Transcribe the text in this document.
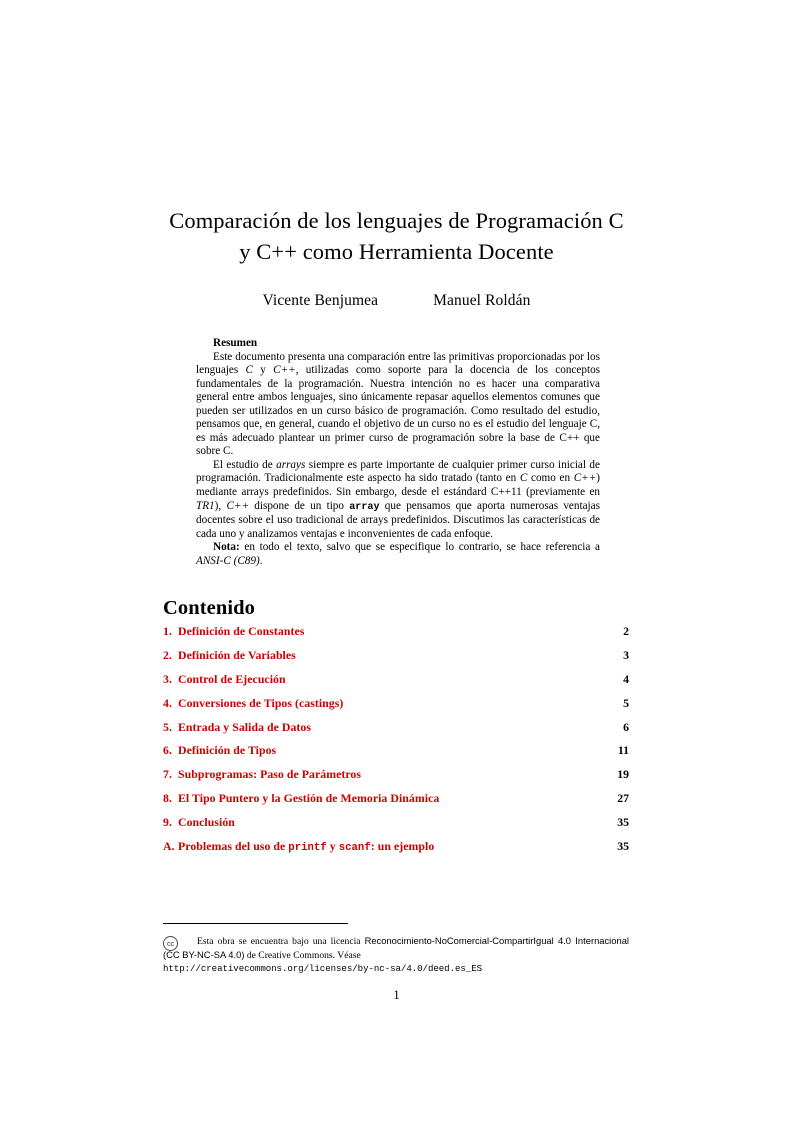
Comparación de los lenguajes de Programación C
y C++ como Herramienta Docente
Vicente Benjumea	Manuel Roldán

Resumen

Este documento presenta una comparación entre las primitivas proporcionadas por los lenguajes C y C++, utilizadas como soporte para la docencia de los conceptos fundamentales de la programación. Nuestra intención no es hacer una comparativa general entre ambos lenguajes, sino únicamente repasar aquellos elementos comunes que pueden ser utilizados en un curso básico de programación. Como resultado del estudio, pensamos que, en general, cuando el objetivo de un curso no es el estudio del lenguaje C, es más adecuado plantear un primer curso de programación sobre la base de C++ que sobre C.

El estudio de arrays siempre es parte importante de cualquier primer curso inicial de programación. Tradicionalmente este aspecto ha sido tratado (tanto en C como en C++) mediante arrays predefinidos. Sin embargo, desde el estándard C++11 (previamente en TR1), C++ dispone de un tipo array que pensamos que aporta numerosas ventajas docentes sobre el uso tradicional de arrays predefinidos. Discutimos las características de cada uno y analizamos ventajas e inconvenientes de cada enfoque.

Nota: en todo el texto, salvo que se especifique lo contrario, se hace referencia a ANSI-C (C89).

Contenido
1. Definición de Constantes	2
2. Definición de Variables	3
3. Control de Ejecución	4
4. Conversiones de Tipos (castings)	5
5. Entrada y Salida de Datos	6
6. Definición de Tipos	11
7. Subprogramas: Paso de Parámetros	19
8. El Tipo Puntero y la Gestión de Memoria Dinámica	27
9. Conclusión	35
A. Problemas del uso de printf y scanf: un ejemplo	35
cc	Esta obra se encuentra bajo una licencia Reconocimiento-NoComercial-CompartirIgual 4.0 Internacional (CC BY-NC-SA 4.0) de Creative Commons. Véase
http://creativecommons.org/licenses/by-nc-sa/4.0/deed.es_ES

1
